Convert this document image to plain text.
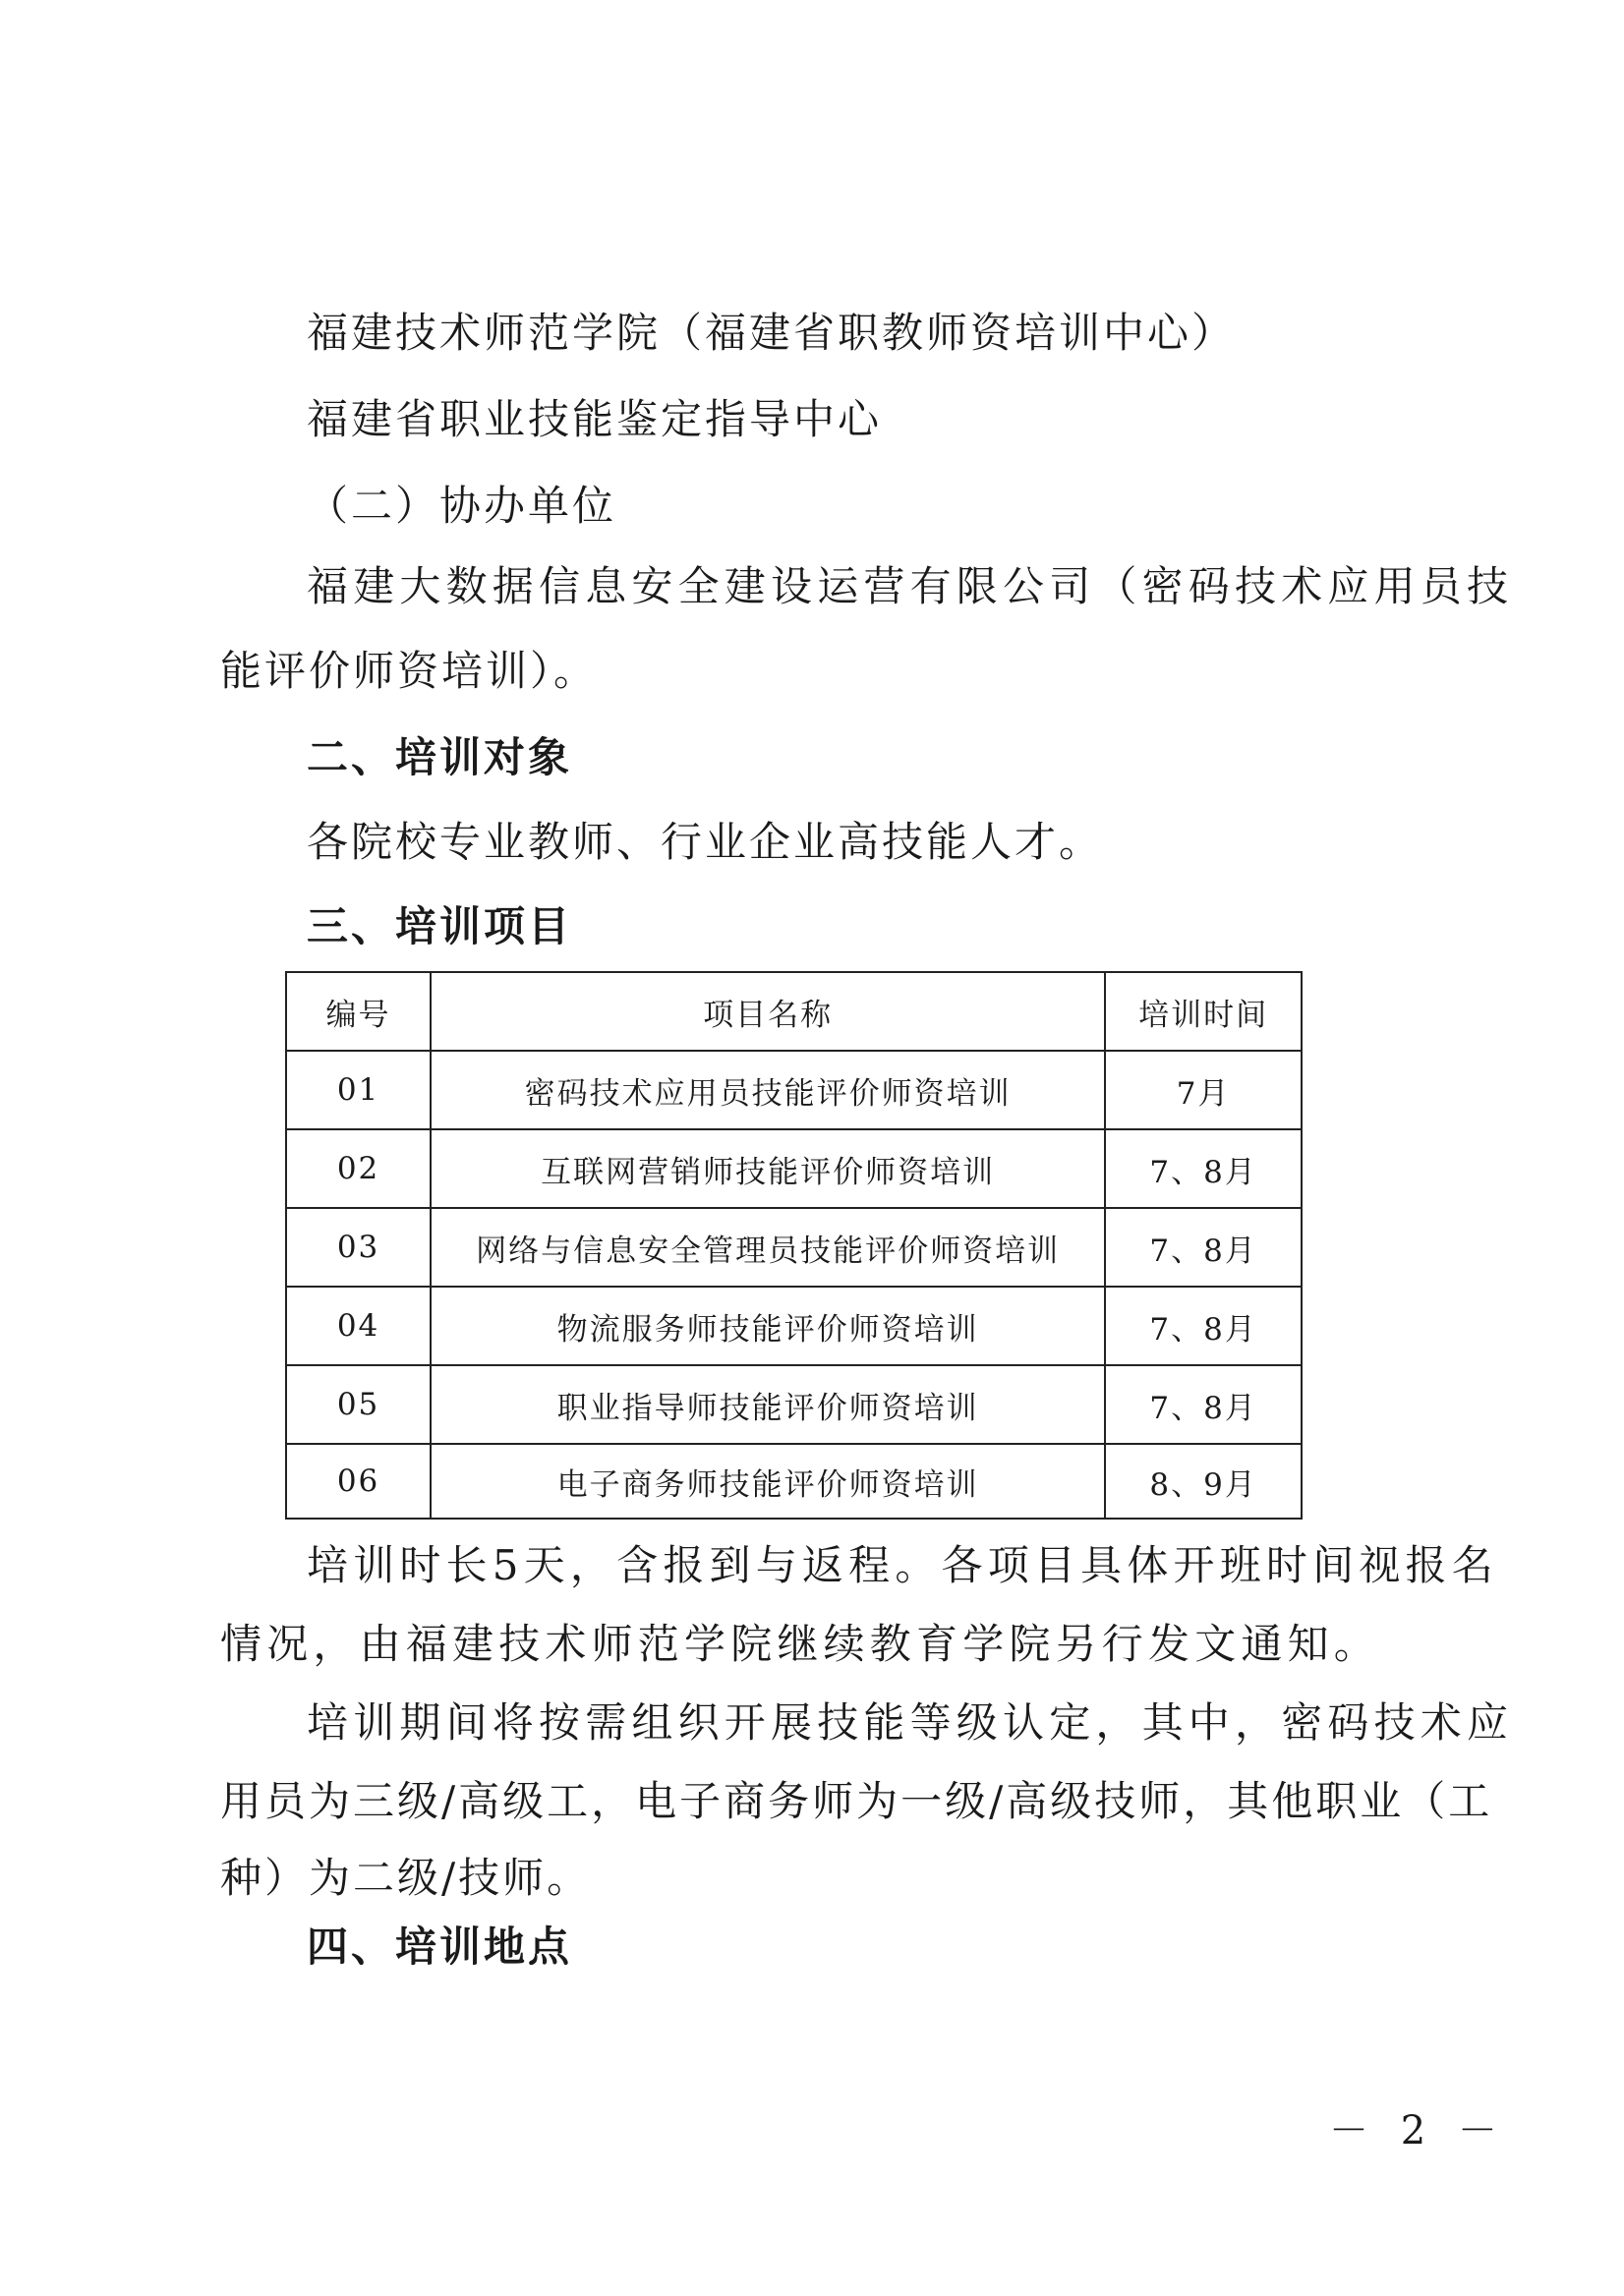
福建技术师范学院（福建省职教师资培训中心）
福建省职业技能鉴定指导中心
（二）协办单位
福建大数据信息安全建设运营有限公司（密码技术应用员技
能评价师资培训）。
二、培训对象
各院校专业教师、行业企业高技能人才。
三、培训项目
编号	项目名称	培训时间
01	密码技术应用员技能评价师资培训	7月
02	互联网营销师技能评价师资培训	7、8月
03	网络与信息安全管理员技能评价师资培训	7、8月
04	物流服务师技能评价师资培训	7、8月
05	职业指导师技能评价师资培训	7、8月
06	电子商务师技能评价师资培训	8、9月
培训时长5天，含报到与返程。各项目具体开班时间视报名
情况，由福建技术师范学院继续教育学院另行发文通知。
培训期间将按需组织开展技能等级认定，其中，密码技术应
用员为三级/高级工，电子商务师为一级/高级技师，其他职业（工
种）为二级/技师。
四、培训地点
－ 2 －
